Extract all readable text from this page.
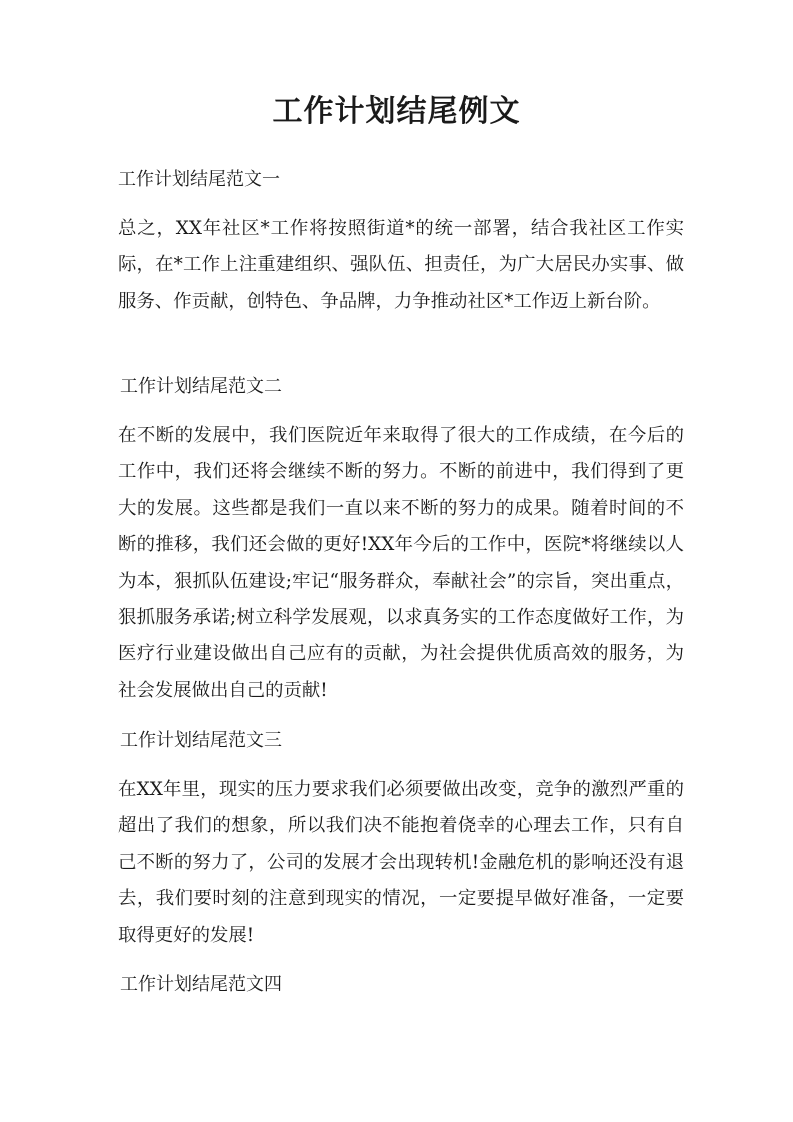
工作计划结尾例文

工作计划结尾范文一

总之，XX年社区*工作将按照街道*的统一部署，结合我社区工作实际，在*工作上注重建组织、强队伍、担责任，为广大居民办实事、做服务、作贡献，创特色、争品牌，力争推动社区*工作迈上新台阶。

工作计划结尾范文二

在不断的发展中，我们医院近年来取得了很大的工作成绩，在今后的工作中，我们还将会继续不断的努力。不断的前进中，我们得到了更大的发展。这些都是我们一直以来不断的努力的成果。随着时间的不断的推移，我们还会做的更好!XX年今后的工作中，医院*将继续以人为本，狠抓队伍建设;牢记“服务群众，奉献社会”的宗旨，突出重点，狠抓服务承诺;树立科学发展观，以求真务实的工作态度做好工作，为医疗行业建设做出自己应有的贡献，为社会提供优质高效的服务，为社会发展做出自己的贡献!

工作计划结尾范文三

在XX年里，现实的压力要求我们必须要做出改变，竞争的激烈严重的超出了我们的想象，所以我们决不能抱着侥幸的心理去工作，只有自己不断的努力了，公司的发展才会出现转机!金融危机的影响还没有退去，我们要时刻的注意到现实的情况，一定要提早做好准备，一定要取得更好的发展!

工作计划结尾范文四
